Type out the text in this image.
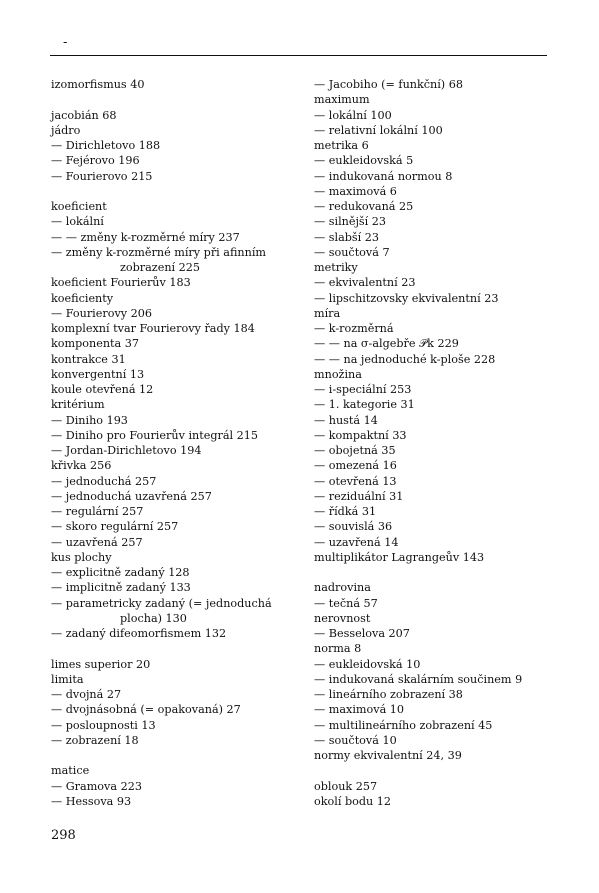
-
izomorfismus 40
jacobián 68
jádro
— Dirichletovo 188
— Fejérovo 196
— Fourierovo 215
koeficient
— lokální
— — změny k-rozměrné míry 237
— změny k-rozměrné míry při afinním
zobrazení 225
koeficient Fourierův 183
koeficienty
— Fourierovy 206
komplexní tvar Fourierovy řady 184
komponenta 37
kontrakce 31
konvergentní 13
koule otevřená 12
kritérium
— Diniho 193
— Diniho pro Fourierův integrál 215
— Jordan-Dirichletovo 194
křivka 256
— jednoduchá 257
— jednoduchá uzavřená 257
— regulární 257
— skoro regulární 257
— uzavřená 257
kus plochy
— explicitně zadaný 128
— implicitně zadaný 133
— parametricky zadaný (= jednoduchá
plocha) 130
— zadaný difeomorfismem 132
limes superior 20
limita
— dvojná 27
— dvojnásobná (= opakovaná) 27
— posloupnosti 13
— zobrazení 18
matice
— Gramova 223
— Hessova 93
— Jacobiho (= funkční) 68
maximum
— lokální 100
— relativní lokální 100
metrika 6
— eukleidovská 5
— indukovaná normou 8
— maximová 6
— redukovaná 25
— silnější 23
— slabší 23
— součtová 7
metriky
— ekvivalentní 23
— lipschitzovsky ekvivalentní 23
míra
— k-rozměrná
— — na σ-algebře 𝒫k 229
— — na jednoduché k-ploše 228
množina
— i-speciální 253
— 1. kategorie 31
— hustá 14
— kompaktní 33
— obojetná 35
— omezená 16
— otevřená 13
— reziduální 31
— řídká 31
— souvislá 36
— uzavřená 14
multiplikátor Lagrangeův 143
nadrovina
— tečná 57
nerovnost
— Besselova 207
norma 8
— eukleidovská 10
— indukovaná skalárním součinem 9
— lineárního zobrazení 38
— maximová 10
— multilineárního zobrazení 45
— součtová 10
normy ekvivalentní 24, 39
oblouk 257
okolí bodu 12
298
